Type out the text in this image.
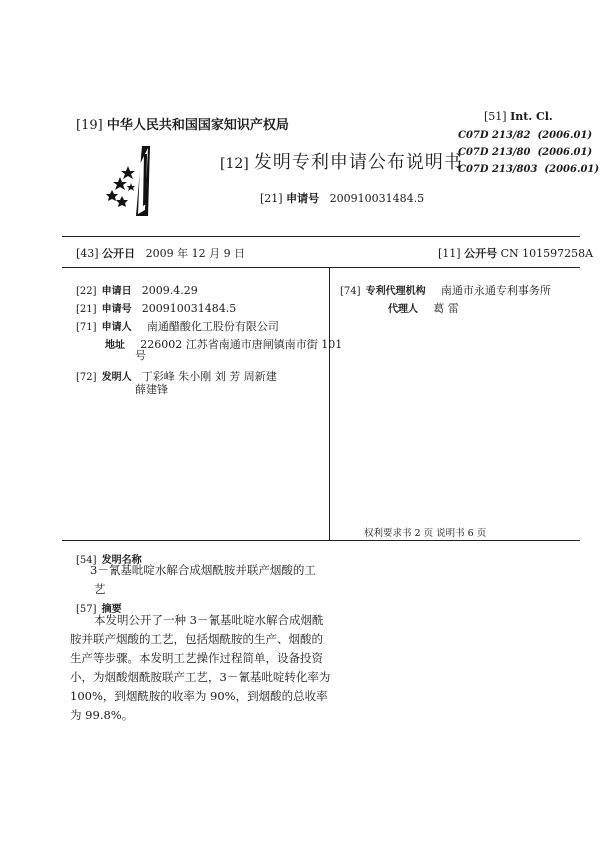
[19] 中华人民共和国国家知识产权局
[51] Int. Cl.
C07D 213/82 (2006.01)
C07D 213/80 (2006.01)
C07D 213/803 (2006.01)
[12] 发明专利申请公布说明书
[21] 申请号 200910031484.5
[43] 公开日 2009 年 12 月 9 日	[11] 公开号 CN 101597258A
[22] 申请日 2009.4.29
[21] 申请号 200910031484.5
[71] 申请人 南通醋酸化工股份有限公司
地址 226002 江苏省南通市唐闸镇南市街 101
号
[72] 发明人 丁彩峰 朱小刚 刘 芳 周新建
薛建锋
[74] 专利代理机构 南通市永通专利事务所
代理人 葛 雷
权利要求书 2 页 说明书 6 页
[54] 发明名称
3－氰基吡啶水解合成烟酰胺并联产烟酸的工
艺
[57] 摘要
本发明公开了一种 3－氰基吡啶水解合成烟酰
胺并联产烟酸的工艺，包括烟酰胺的生产、烟酸的
生产等步骤。本发明工艺操作过程简单，设备投资
小，为烟酸烟酰胺联产工艺，3－氰基吡啶转化率为
100%，到烟酰胺的收率为 90%，到烟酸的总收率
为 99.8%。
